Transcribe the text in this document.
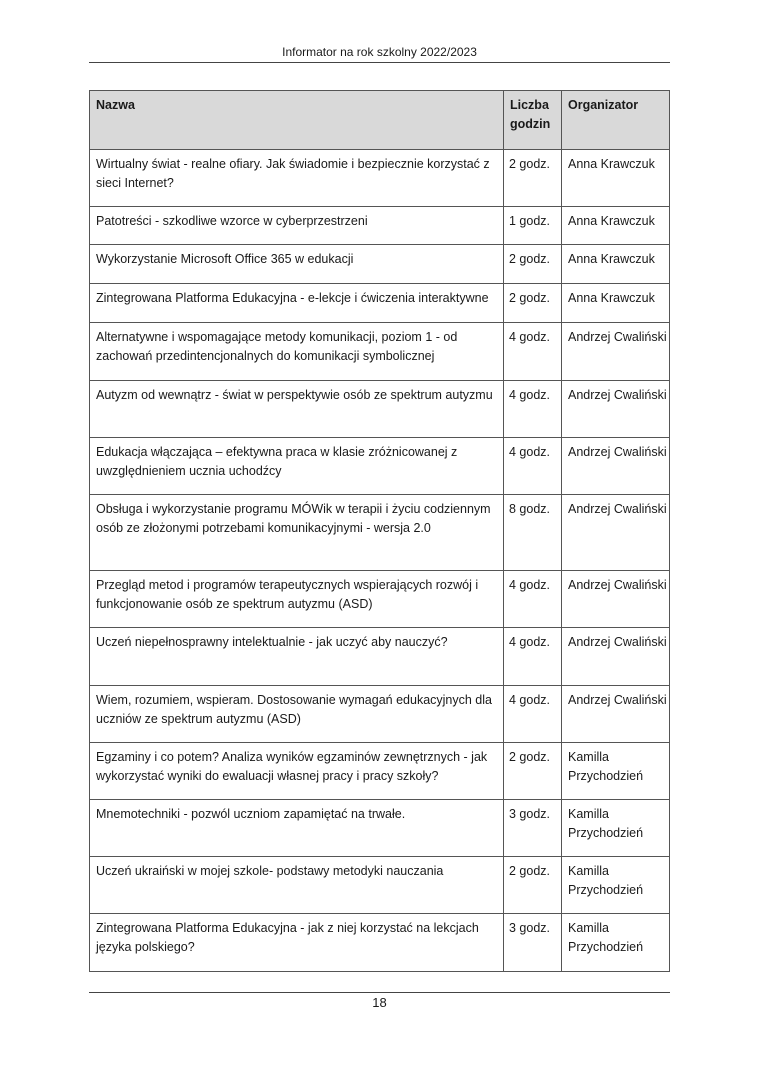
Informator na rok szkolny 2022/2023
Nazwa	Liczba godzin	Organizator
Wirtualny świat - realne ofiary. Jak świadomie i bezpiecznie korzystać z sieci Internet?	2 godz.	Anna Krawczuk
Patotreści - szkodliwe wzorce w cyberprzestrzeni	1 godz.	Anna Krawczuk
Wykorzystanie Microsoft Office 365 w edukacji	2 godz.	Anna Krawczuk
Zintegrowana Platforma Edukacyjna - e-lekcje i ćwiczenia interaktywne	2 godz.	Anna Krawczuk
Alternatywne i wspomagające metody komunikacji, poziom 1 - od zachowań przedintencjonalnych do komunikacji symbolicznej	4 godz.	Andrzej Cwaliński
Autyzm od wewnątrz - świat w perspektywie osób ze spektrum autyzmu	4 godz.	Andrzej Cwaliński
Edukacja włączająca – efektywna praca w klasie zróżnicowanej z uwzględnieniem ucznia uchodźcy	4 godz.	Andrzej Cwaliński
Obsługa i wykorzystanie programu MÓWik w terapii i życiu codziennym osób ze złożonymi potrzebami komunikacyjnymi - wersja 2.0	8 godz.	Andrzej Cwaliński
Przegląd metod i programów terapeutycznych wspierających rozwój i funkcjonowanie osób ze spektrum autyzmu (ASD)	4 godz.	Andrzej Cwaliński
Uczeń niepełnosprawny intelektualnie - jak uczyć aby nauczyć?	4 godz.	Andrzej Cwaliński
Wiem, rozumiem, wspieram. Dostosowanie wymagań edukacyjnych dla uczniów ze spektrum autyzmu (ASD)	4 godz.	Andrzej Cwaliński
Egzaminy i co potem? Analiza wyników egzaminów zewnętrznych - jak wykorzystać wyniki do ewaluacji własnej pracy i pracy szkoły?	2 godz.	Kamilla Przychodzień
Mnemotechniki - pozwól uczniom zapamiętać na trwałe.	3 godz.	Kamilla Przychodzień
Uczeń ukraiński w mojej szkole- podstawy metodyki nauczania	2 godz.	Kamilla Przychodzień
Zintegrowana Platforma Edukacyjna - jak z niej korzystać na lekcjach języka polskiego?	3 godz.	Kamilla Przychodzień
18
